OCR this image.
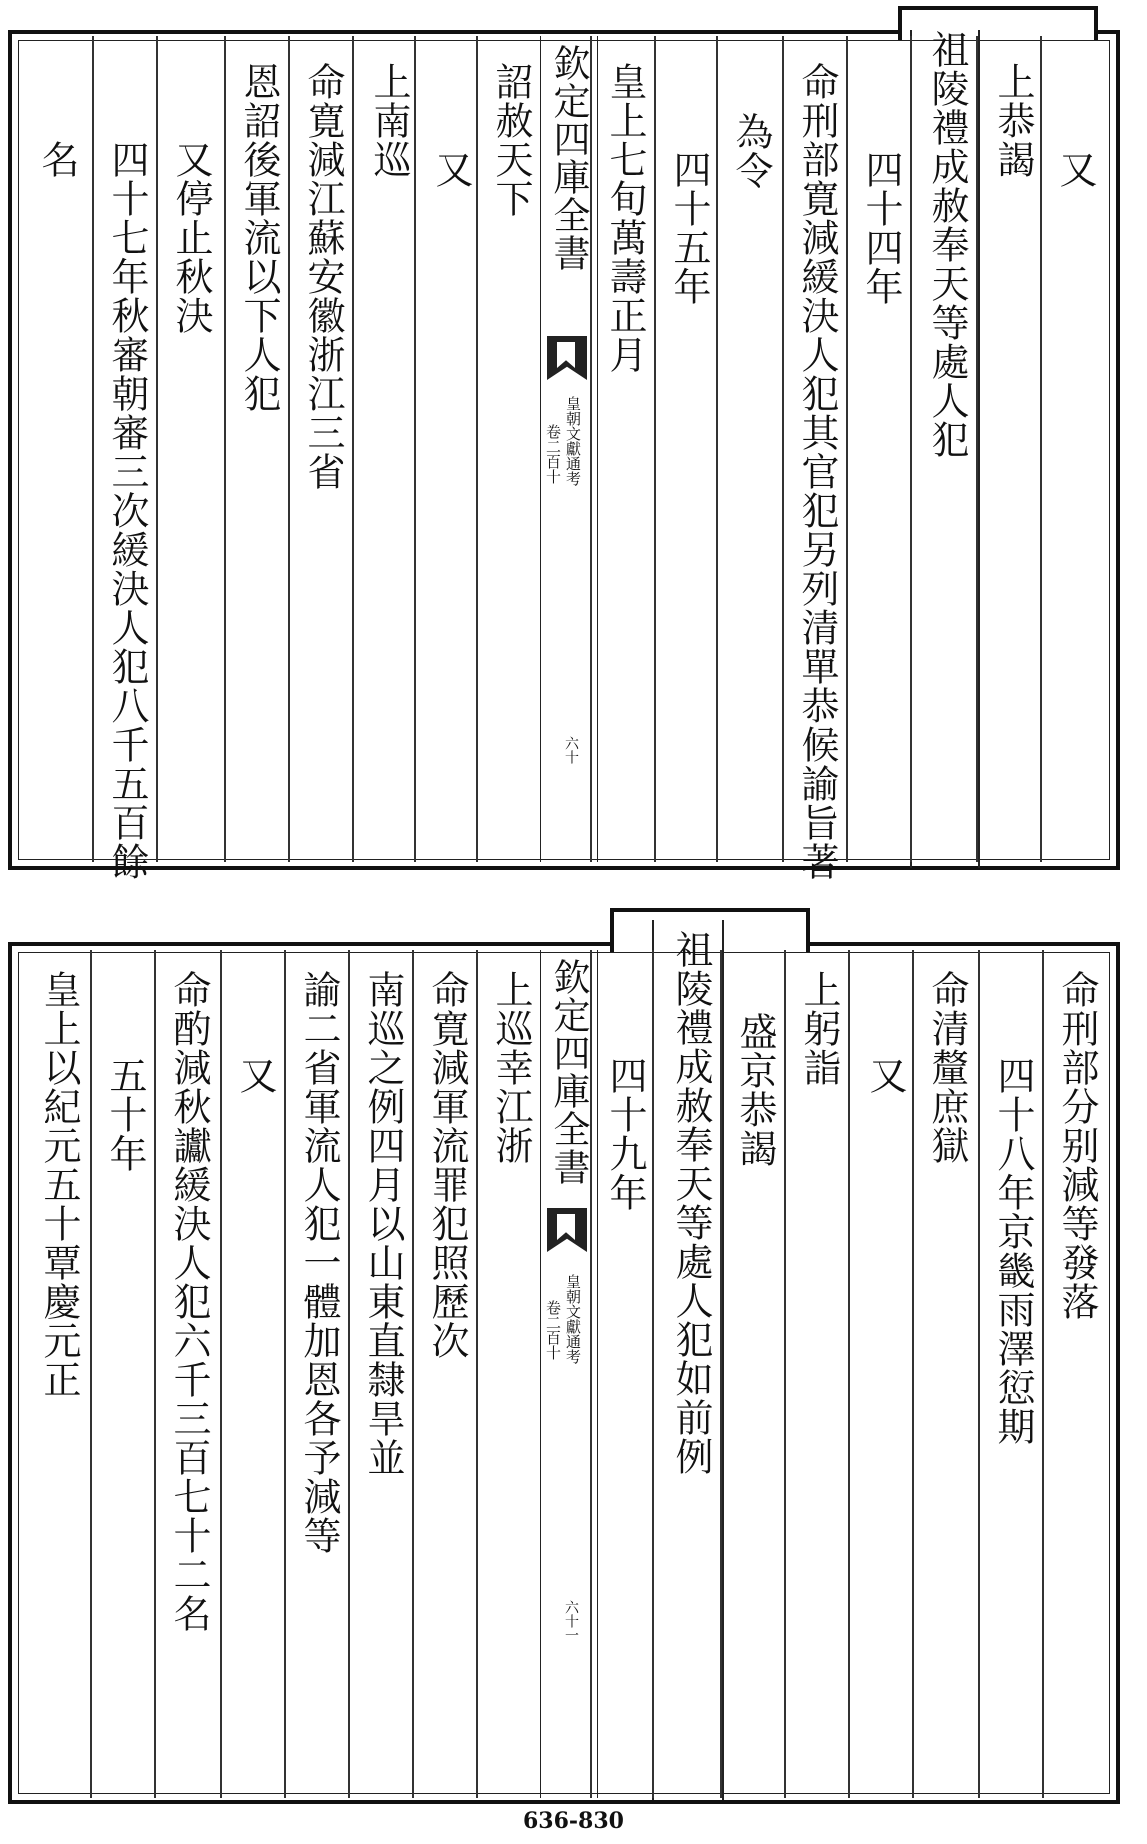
又
上恭謁
祖陵禮成赦奉天等處人犯
四十四年
命刑部寛減緩決人犯其官犯另列清單恭候諭旨著
為令
四十五年
皇上七旬萬壽正月
詔赦天下
又
上南巡
命寛減江蘇安徽浙江三省
恩詔後軍流以下人犯
又停止秋決
四十七年秋審朝審三次緩決人犯八千五百餘
名	欽定四庫全書
皇朝文獻通考
卷二百十
六十
命刑部分别減等發落
四十八年京畿雨澤愆期
命清釐庶獄
又
上躬詣
盛京恭謁
祖陵禮成赦奉天等處人犯如前例
四十九年
上巡幸江浙
命寛減軍流罪犯照歷次
南巡之例四月以山東直隸旱並
諭二省軍流人犯一體加恩各予減等
又
命酌減秋讞緩決人犯六千三百七十二名
五十年
皇上以紀元五十覃慶元正	欽定四庫全書
皇朝文獻通考
卷二百十
六十一
636-830
